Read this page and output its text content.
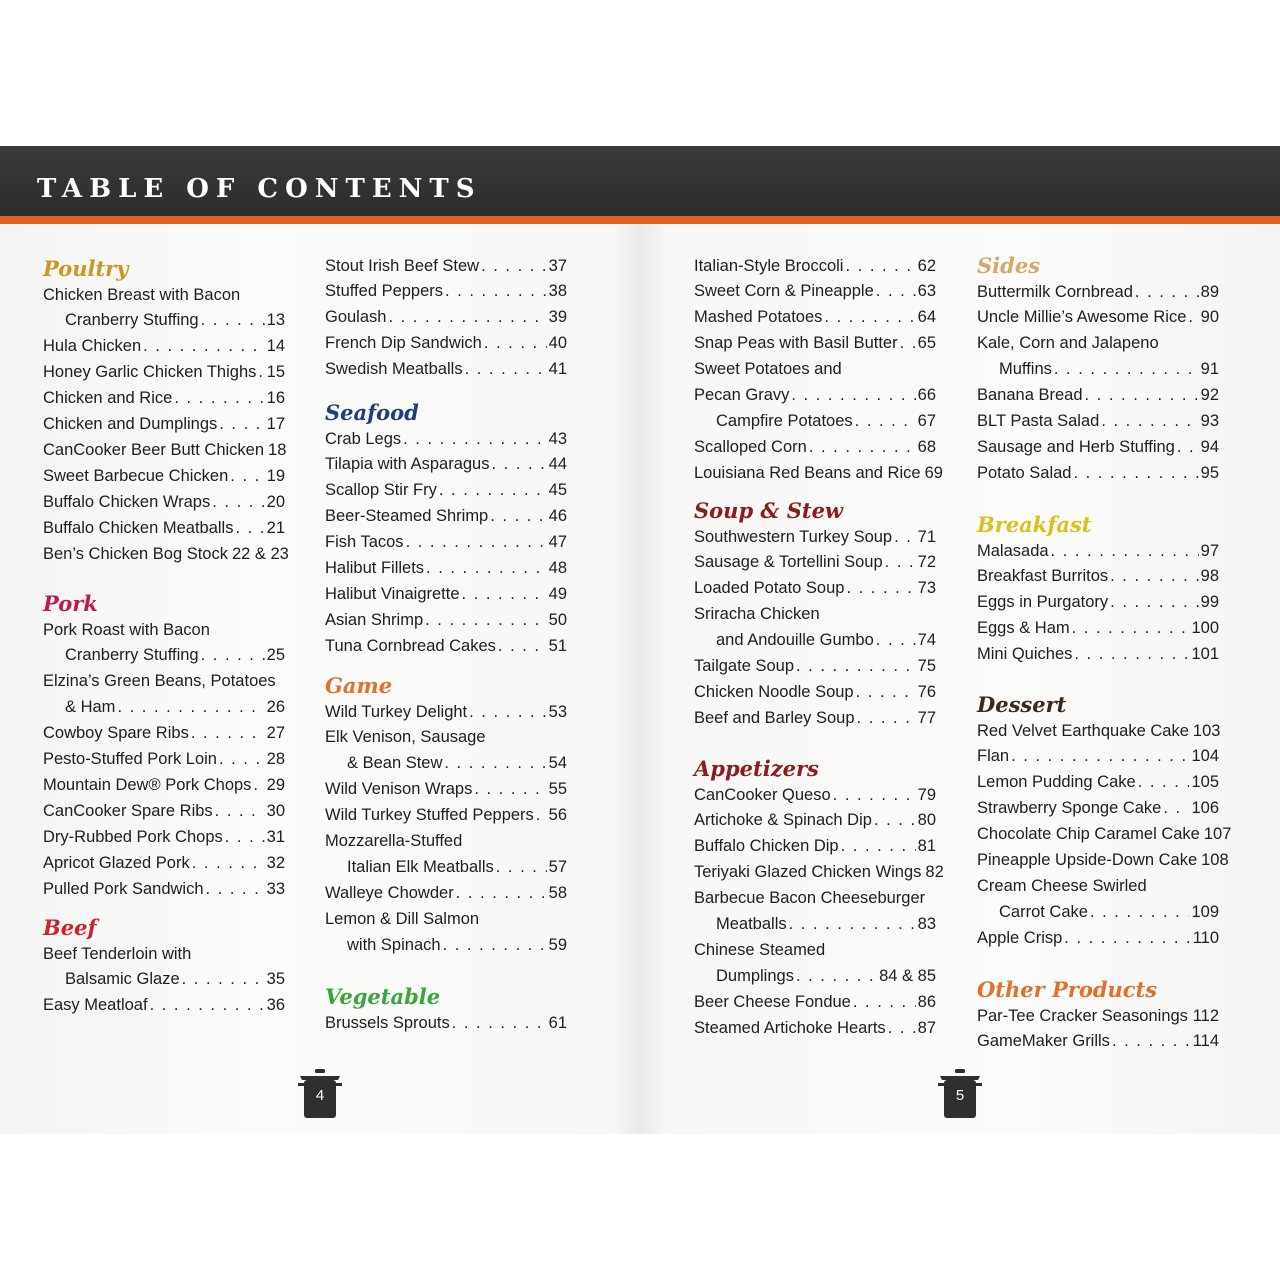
TABLE OF CONTENTS
Poultry
Chicken Breast with Bacon
Cranberry Stuffing . . .	13
Hula Chicken . . .	14
Honey Garlic Chicken Thighs . . . 15
Chicken and Rice . . .	16
Chicken and Dumplings . . .	17
CanCooker Beer Butt Chicken 18
Sweet Barbecue Chicken . . . 19
Buffalo Chicken Wraps . . .	20
Buffalo Chicken Meatballs . . . 21
Ben’s Chicken Bog Stock 22 & 23
Pork
Pork Roast with Bacon
Cranberry Stuffing . . .	25
Elzina’s Green Beans, Potatoes
& Ham . . .	26
Cowboy Spare Ribs . . .	27
Pesto-Stuffed Pork Loin . . .	28
Mountain Dew® Pork Chops . . . 29
CanCooker Spare Ribs . . .	30
Dry-Rubbed Pork Chops . . .	31
Apricot Glazed Pork . . .	32
Pulled Pork Sandwich . . .	33
Beef
Beef Tenderloin with
Balsamic Glaze . . .	35
Easy Meatloaf . . .	36
Stout Irish Beef Stew . . .	37
Stuffed Peppers . . .	38
Goulash . . .	39
French Dip Sandwich . . .	40
Swedish Meatballs . . .	41
Seafood
Crab Legs . . .	43
Tilapia with Asparagus . . .	44
Scallop Stir Fry . . .	45
Beer-Steamed Shrimp . . .	46
Fish Tacos . . .	47
Halibut Fillets . . .	48
Halibut Vinaigrette . . .	49
Asian Shrimp . . .	50
Tuna Cornbread Cakes . . .	51
Game
Wild Turkey Delight . . .	53
Elk Venison, Sausage
& Bean Stew . . .	54
Wild Venison Wraps . . .	55
Wild Turkey Stuffed Peppers . . . 56
Mozzarella-Stuffed
Italian Elk Meatballs . . .	57
Walleye Chowder . . .	58
Lemon & Dill Salmon
with Spinach . . .	59
Vegetable
Brussels Sprouts . . .	61
Italian-Style Broccoli . . .	62
Sweet Corn & Pineapple . . .	63
Mashed Potatoes . . .	64
Snap Peas with Basil Butter . . . 65
Sweet Potatoes and
Pecan Gravy . . .	66
Campfire Potatoes . . .	67
Scalloped Corn . . .	68
Louisiana Red Beans and Rice 69
Soup & Stew
Southwestern Turkey Soup . . . 71
Sausage & Tortellini Soup . . . 72
Loaded Potato Soup . . .	73
Sriracha Chicken
and Andouille Gumbo . . .	74
Tailgate Soup . . .	75
Chicken Noodle Soup . . .	76
Beef and Barley Soup . . .	77
Appetizers
CanCooker Queso . . .	79
Artichoke & Spinach Dip . . .	80
Buffalo Chicken Dip . . .	81
Teriyaki Glazed Chicken Wings 82
Barbecue Bacon Cheeseburger
Meatballs . . .	83
Chinese Steamed
Dumplings . . .	84 & 85
Beer Cheese Fondue . . .	86
Steamed Artichoke Hearts . . . 87
Sides
Buttermilk Cornbread . . .	89
Uncle Millie’s Awesome Rice . . . 90
Kale, Corn and Jalapeno
Muffins . . .	91
Banana Bread . . .	92
BLT Pasta Salad . . .	93
Sausage and Herb Stuffing . . . 94
Potato Salad . . .	95
Breakfast
Malasada . . .	97
Breakfast Burritos . . .	98
Eggs in Purgatory . . .	99
Eggs & Ham . . .	100
Mini Quiches . . .	101
Dessert
Red Velvet Earthquake Cake 103
Flan . . .	104
Lemon Pudding Cake . . .	105
Strawberry Sponge Cake . . . 106
Chocolate Chip Caramel Cake 107
Pineapple Upside-Down Cake 108
Cream Cheese Swirled
Carrot Cake . . .	109
Apple Crisp . . .	110
Other Products
Par-Tee Cracker Seasonings . . . 112
GameMaker Grills . . .	114
4	5
